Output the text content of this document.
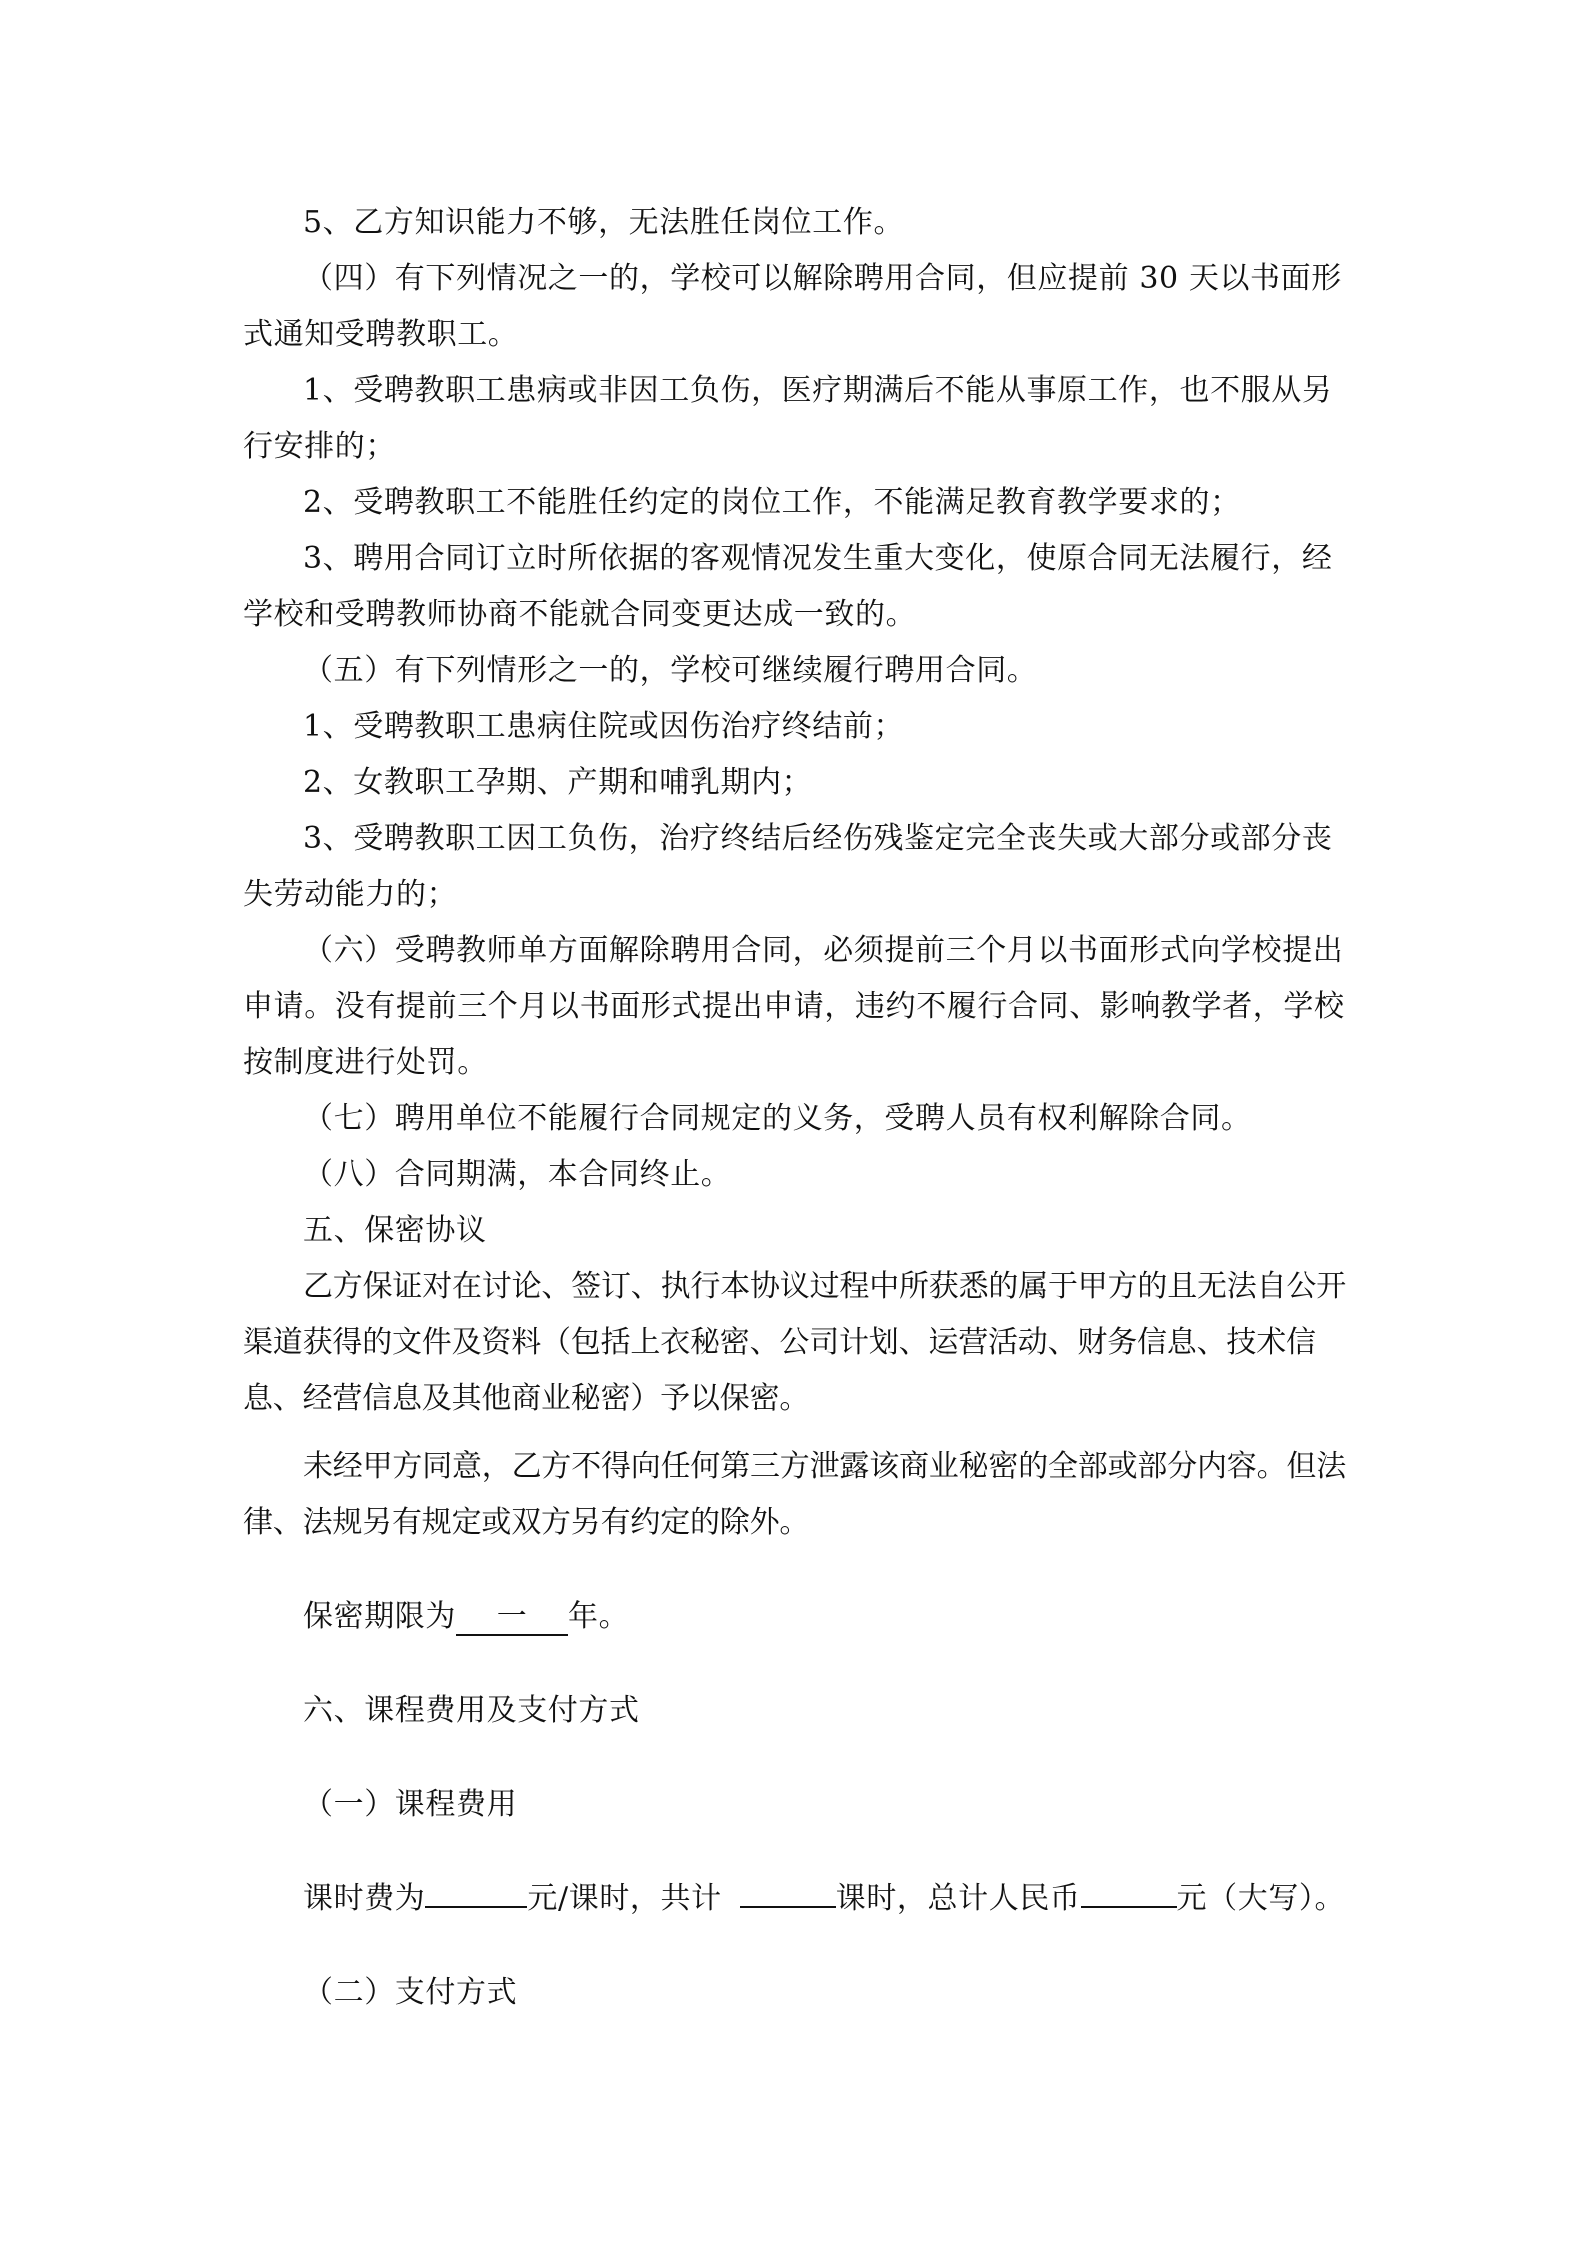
5、乙方知识能力不够，无法胜任岗位工作。

（四）有下列情况之一的，学校可以解除聘用合同，但应提前 30 天以书面形式通知受聘教职工。

1、受聘教职工患病或非因工负伤，医疗期满后不能从事原工作，也不服从另行安排的；

2、受聘教职工不能胜任约定的岗位工作，不能满足教育教学要求的；

3、聘用合同订立时所依据的客观情况发生重大变化，使原合同无法履行，经学校和受聘教师协商不能就合同变更达成一致的。

（五）有下列情形之一的，学校可继续履行聘用合同。

1、受聘教职工患病住院或因伤治疗终结前；

2、女教职工孕期、产期和哺乳期内；

3、受聘教职工因工负伤，治疗终结后经伤残鉴定完全丧失或大部分或部分丧失劳动能力的；

（六）受聘教师单方面解除聘用合同，必须提前三个月以书面形式向学校提出申请。没有提前三个月以书面形式提出申请，违约不履行合同、影响教学者，学校按制度进行处罚。

（七）聘用单位不能履行合同规定的义务，受聘人员有权利解除合同。

（八）合同期满，本合同终止。

五、保密协议

乙方保证对在讨论、签订、执行本协议过程中所获悉的属于甲方的且无法自公开渠道获得的文件及资料（包括上衣秘密、公司计划、运营活动、财务信息、技术信息、经营信息及其他商业秘密）予以保密。

未经甲方同意，乙方不得向任何第三方泄露该商业秘密的全部或部分内容。但法律、法规另有规定或双方另有约定的除外。

保密期限为 一 年。

六、课程费用及支付方式

（一）课程费用

课时费为	元/课时，共计	课时，总计人民币	元（大写）。

（二）支付方式
